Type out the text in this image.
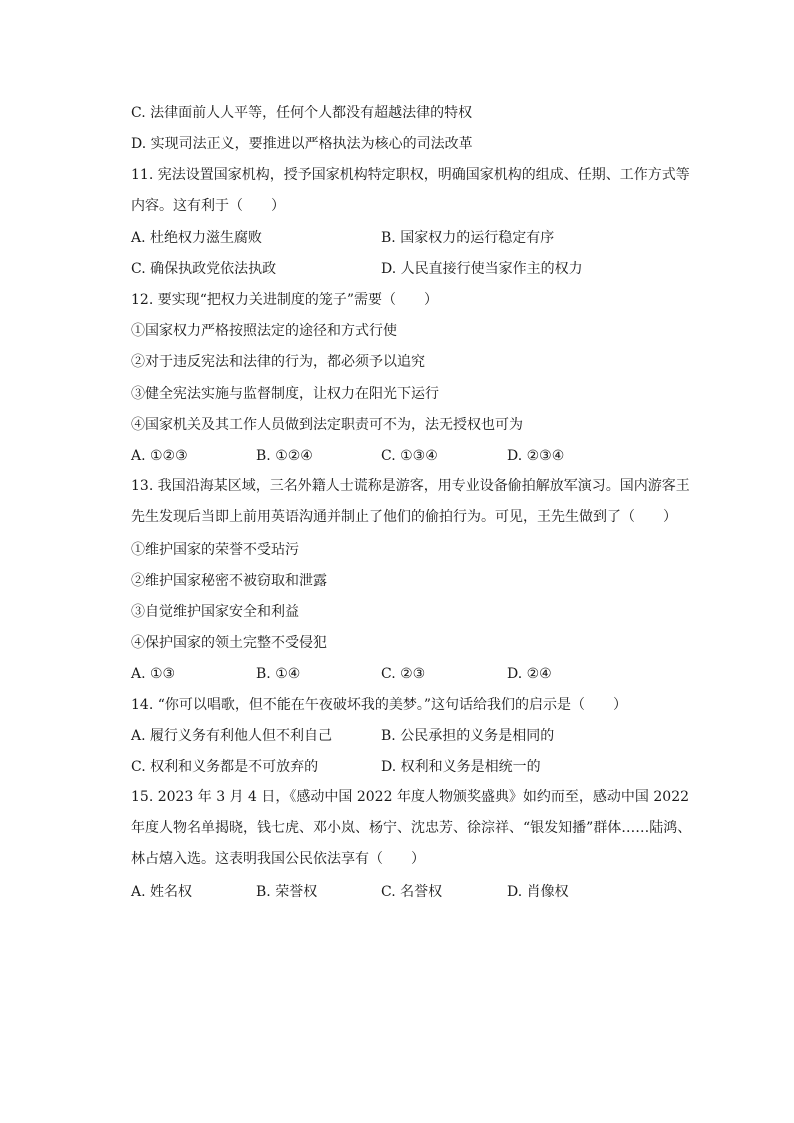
C. 法律面前人人平等，任何个人都没有超越法律的特权
D. 实现司法正义，要推进以严格执法为核心的司法改革
11. 宪法设置国家机构，授予国家机构特定职权，明确国家机构的组成、任期、工作方式等内容。这有利于（　　）
A. 杜绝权力滋生腐败	B. 国家权力的运行稳定有序
C. 确保执政党依法执政	D. 人民直接行使当家作主的权力
12. 要实现“把权力关进制度的笼子”需要（　　）
①国家权力严格按照法定的途径和方式行使
②对于违反宪法和法律的行为，都必须予以追究
③健全宪法实施与监督制度，让权力在阳光下运行
④国家机关及其工作人员做到法定职责可不为，法无授权也可为
A. ①②③	B. ①②④	C. ①③④	D. ②③④
13. 我国沿海某区域，三名外籍人士谎称是游客，用专业设备偷拍解放军演习。国内游客王先生发现后当即上前用英语沟通并制止了他们的偷拍行为。可见，王先生做到了（　　）
①维护国家的荣誉不受玷污
②维护国家秘密不被窃取和泄露
③自觉维护国家安全和利益
④保护国家的领土完整不受侵犯
A. ①③	B. ①④	C. ②③	D. ②④
14. “你可以唱歌，但不能在午夜破坏我的美梦。”这句话给我们的启示是（　　）
A. 履行义务有利他人但不利自己	B. 公民承担的义务是相同的
C. 权利和义务都是不可放弃的	D. 权利和义务是相统一的
15. 2023 年 3 月 4 日，《感动中国 2022 年度人物颁奖盛典》如约而至，感动中国 2022 年度人物名单揭晓，钱七虎、邓小岚、杨宁、沈忠芳、徐淙祥、“银发知播”群体……陆鸿、林占熺入选。这表明我国公民依法享有（　　）
A. 姓名权	B. 荣誉权	C. 名誉权	D. 肖像权
